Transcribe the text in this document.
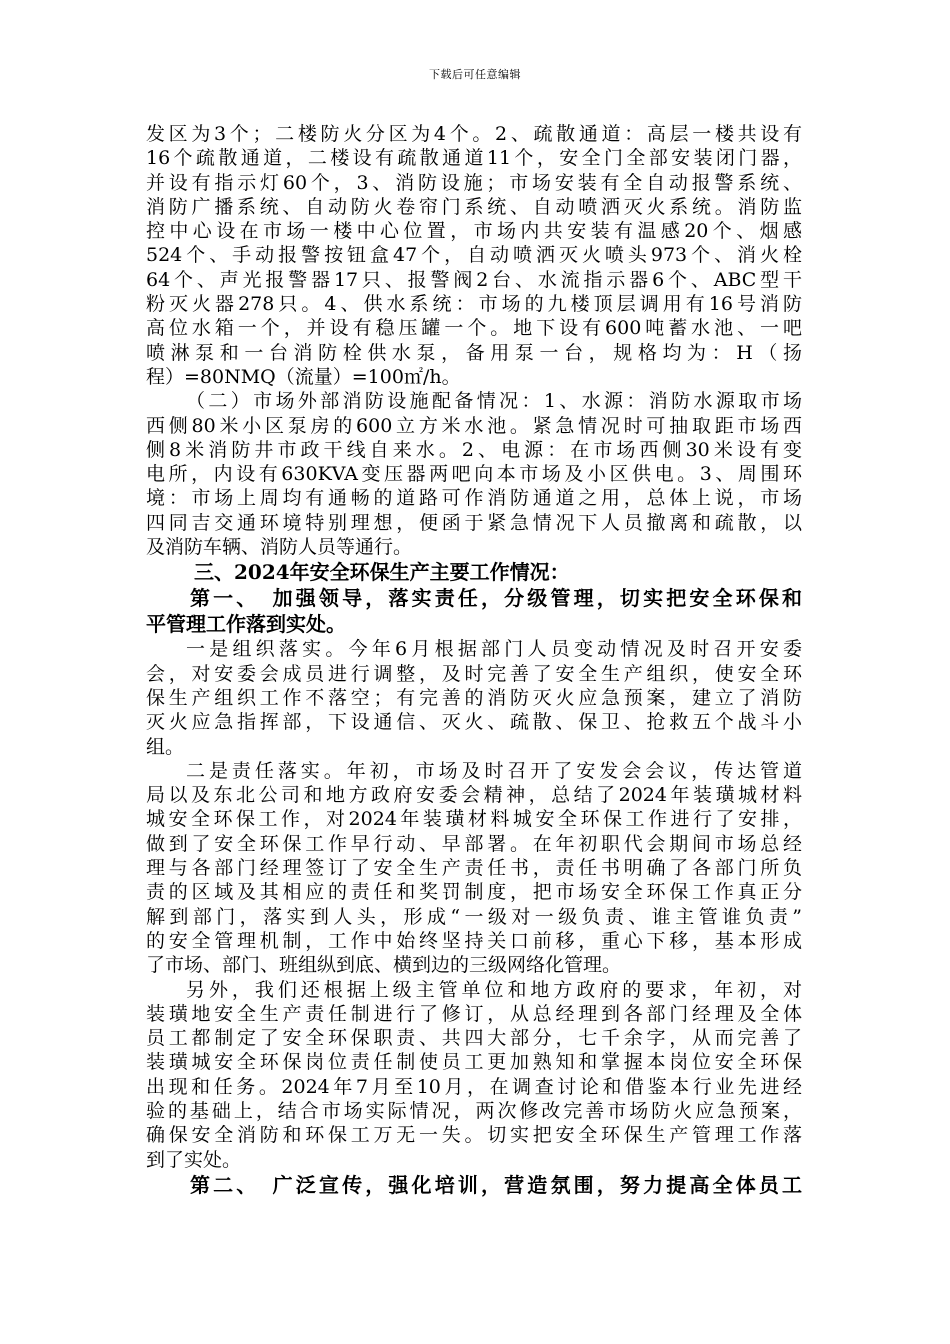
下载后可任意编辑
发区为3个；二楼防火分区为4个。2、疏散通道：高层一楼共设有
16个疏散通道，二楼设有疏散通道11个，安全门全部安装闭门器，
并设有指示灯60个，3、消防设施；市场安装有全自动报警系统、
消防广播系统、自动防火卷帘门系统、自动喷洒灭火系统。消防监
控中心设在市场一楼中心位置，市场内共安装有温感20个、烟感
524个、手动报警按钮盒47个，自动喷洒灭火喷头973个、消火栓
64个、声光报警器17只、报警阀2台、水流指示器6个、ABC型干
粉灭火器278只。4、供水系统：市场的九楼顶层调用有16号消防
高位水箱一个，并设有稳压罐一个。地下设有600吨蓄水池、一吧
喷淋泵和一台消防栓供水泵，备用泵一台，规格均为：H（扬
程）=80NMQ（流量）=100㎡/h。
（二）市场外部消防设施配备情况：1、水源：消防水源取市场
西侧80米小区泵房的600立方米水池。紧急情况时可抽取距市场西
侧8米消防井市政干线自来水。2、电源：在市场西侧30米设有变
电所，内设有630KVA变压器两吧向本市场及小区供电。3、周围环
境：市场上周均有通畅的道路可作消防通道之用，总体上说，市场
四同吉交通环境特别理想，便函于紧急情况下人员撤离和疏散，以
及消防车辆、消防人员等通行。
三、2024年安全环保生产主要工作情况：
第一、　加强领导，落实责任，分级管理，切实把安全环保和
平管理工作落到实处。
一是组织落实。今年6月根据部门人员变动情况及时召开安委
会，对安委会成员进行调整，及时完善了安全生产组织，使安全环
保生产组织工作不落空；有完善的消防灭火应急预案，建立了消防
灭火应急指挥部，下设通信、灭火、疏散、保卫、抢救五个战斗小
组。
二是责任落实。年初，市场及时召开了安发会会议，传达管道
局以及东北公司和地方政府安委会精神，总结了2024年装璜城材料
城安全环保工作，对2024年装璜材料城安全环保工作进行了安排，
做到了安全环保工作早行动、早部署。在年初职代会期间市场总经
理与各部门经理签订了安全生产责任书，责任书明确了各部门所负
责的区域及其相应的责任和奖罚制度，把市场安全环保工作真正分
解到部门，落实到人头，形成“一级对一级负责、谁主管谁负责”
的安全管理机制，工作中始终坚持关口前移，重心下移，基本形成
了市场、部门、班组纵到底、横到边的三级网络化管理。
另外，我们还根据上级主管单位和地方政府的要求，年初，对
装璜地安全生产责任制进行了修订，从总经理到各部门经理及全体
员工都制定了安全环保职责、共四大部分，七千余字，从而完善了
装璜城安全环保岗位责任制使员工更加熟知和掌握本岗位安全环保
出现和任务。2024年7月至10月，在调查讨论和借鉴本行业先进经
验的基础上，结合市场实际情况，两次修改完善市场防火应急预案，
确保安全消防和环保工万无一失。切实把安全环保生产管理工作落
到了实处。
第二、　广泛宣传，强化培训，营造氛围，努力提高全体员工
